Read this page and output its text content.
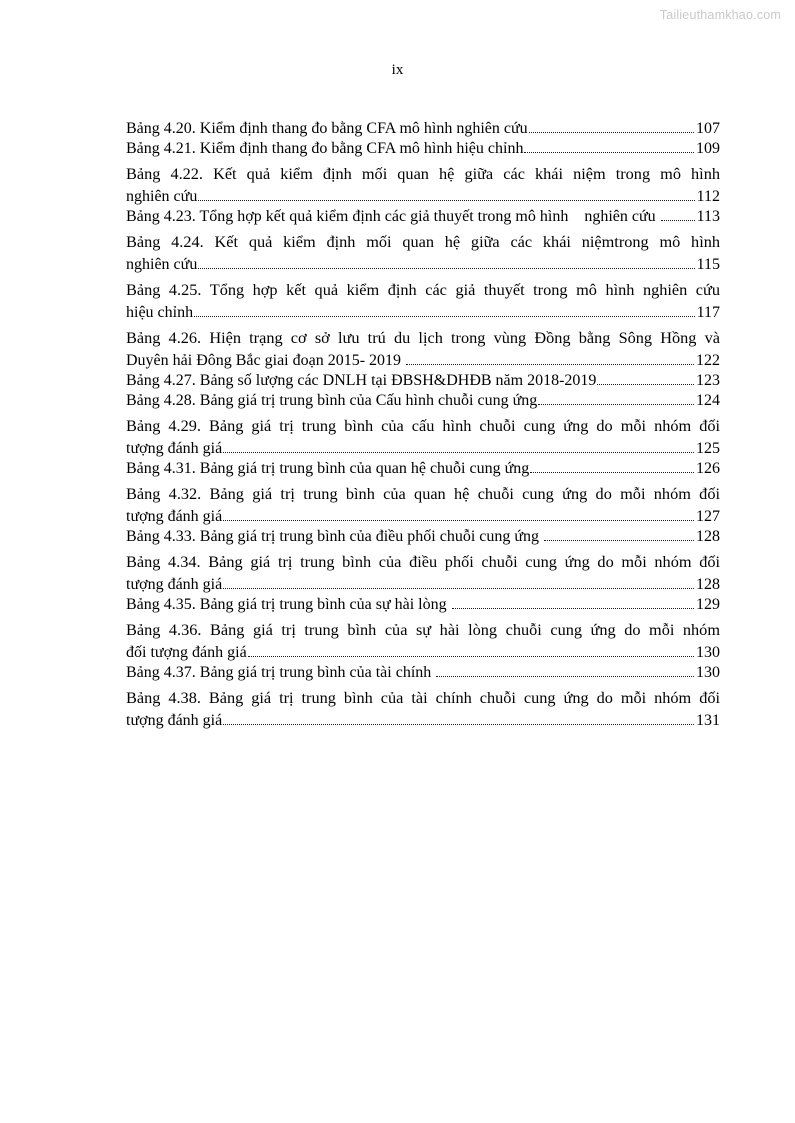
Tailieuthamkhao.com
ix
Bảng 4.20. Kiểm định thang đo bằng CFA mô hình nghiên cứu	107
Bảng 4.21. Kiểm định thang đo bằng CFA mô hình hiệu chỉnh	109
Bảng 4.22. Kết quả kiểm định mối quan hệ giữa các khái niệm trong mô hình
nghiên cứu	112
Bảng 4.23. Tổng hợp kết quả kiểm định các giả thuyết trong mô hình    nghiên cứu 113
Bảng 4.24. Kết quả kiểm định mối quan hệ giữa các khái niệmtrong mô hình
nghiên cứu	115
Bảng 4.25. Tổng hợp kết quả kiểm định các giả thuyết trong mô hình nghiên cứu
hiệu chỉnh	117
Bảng 4.26. Hiện trạng cơ sở lưu trú du lịch trong vùng Đồng bằng Sông Hồng và
Duyên hải Đông Bắc giai đoạn 2015- 2019	122
Bảng 4.27. Bảng số lượng các DNLH tại ĐBSH&DHĐB năm 2018-2019	123
Bảng 4.28. Bảng giá trị trung bình của Cấu hình chuỗi cung ứng	124
Bảng 4.29. Bảng giá trị trung bình của cấu hình chuỗi cung ứng do mỗi nhóm đối
tượng đánh giá	125
Bảng 4.31. Bảng giá trị trung bình của quan hệ chuỗi cung ứng	126
Bảng 4.32. Bảng giá trị trung bình của quan hệ chuỗi cung ứng do mỗi nhóm đối
tượng đánh giá	127
Bảng 4.33. Bảng giá trị trung bình của điều phối chuỗi cung ứng	128
Bảng 4.34. Bảng giá trị trung bình của điều phối chuỗi cung ứng do mỗi nhóm đối
tượng đánh giá	128
Bảng 4.35. Bảng giá trị trung bình của sự hài lòng	129
Bảng 4.36. Bảng giá trị trung bình của sự hài lòng chuỗi cung ứng do mỗi nhóm
đối tượng đánh giá	130
Bảng 4.37. Bảng giá trị trung bình của tài chính	130
Bảng 4.38. Bảng giá trị trung bình của tài chính chuỗi cung ứng do mỗi nhóm đối
tượng đánh giá	131
